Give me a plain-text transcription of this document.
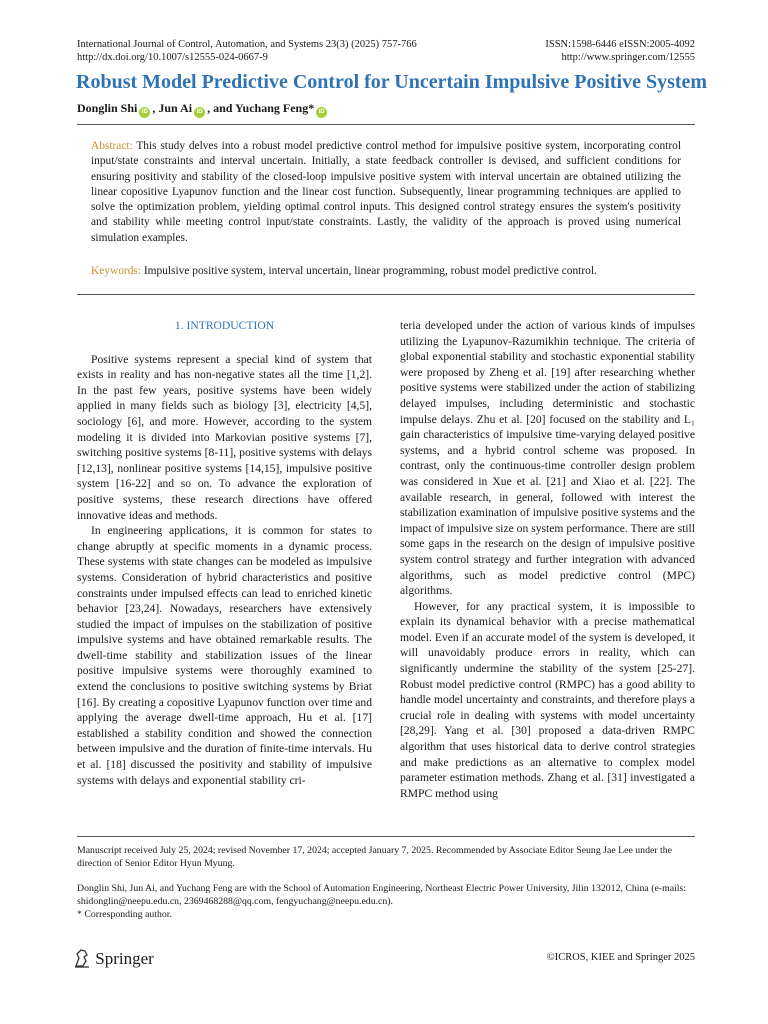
International Journal of Control, Automation, and Systems 23(3) (2025) 757-766
http://dx.doi.org/10.1007/s12555-024-0667-9
ISSN:1598-6446 eISSN:2005-4092
http://www.springer.com/12555
Robust Model Predictive Control for Uncertain Impulsive Positive System
Donglin Shi iD , Jun Ai iD , and Yuchang Feng* iD
Abstract: This study delves into a robust model predictive control method for impulsive positive system, incorporating control input/state constraints and interval uncertain. Initially, a state feedback controller is devised, and sufficient conditions for ensuring positivity and stability of the closed-loop impulsive positive system with interval uncertain are obtained utilizing the linear copositive Lyapunov function and the linear cost function. Subsequently, linear programming techniques are applied to solve the optimization problem, yielding optimal control inputs. This designed control strategy ensures the system's positivity and stability while meeting control input/state constraints. Lastly, the validity of the approach is proved using numerical simulation examples.
Keywords: Impulsive positive system, interval uncertain, linear programming, robust model predictive control.
1. INTRODUCTION

Positive systems represent a special kind of system that exists in reality and has non-negative states all the time [1,2]. In the past few years, positive systems have been widely applied in many fields such as biology [3], electricity [4,5], sociology [6], and more. However, according to the system modeling it is divided into Markovian positive systems [7], switching positive systems [8-11], positive systems with delays [12,13], nonlinear positive systems [14,15], impulsive positive system [16-22] and so on. To advance the exploration of positive systems, these research directions have offered innovative ideas and methods.

In engineering applications, it is common for states to change abruptly at specific moments in a dynamic process. These systems with state changes can be modeled as impulsive systems. Consideration of hybrid characteristics and positive constraints under impulsed effects can lead to enriched kinetic behavior [23,24]. Nowadays, researchers have extensively studied the impact of impulses on the stabilization of positive impulsive systems and have obtained remarkable results. The dwell-time stability and stabilization issues of the linear positive impulsive systems were thoroughly examined to extend the conclusions to positive switching systems by Briat [16]. By creating a copositive Lyapunov function over time and applying the average dwell-time approach, Hu et al. [17] established a stability condition and showed the connection between impulsive and the duration of finite-time intervals. Hu et al. [18] discussed the positivity and stability of impulsive systems with delays and exponential stability cri-

teria developed under the action of various kinds of impulses utilizing the Lyapunov-Razumikhin technique. The criteria of global exponential stability and stochastic exponential stability were proposed by Zheng et al. [19] after researching whether positive systems were stabilized under the action of stabilizing delayed impulses, including deterministic and stochastic impulse delays. Zhu et al. [20] focused on the stability and L₁ gain characteristics of impulsive time-varying delayed positive systems, and a hybrid control scheme was proposed. In contrast, only the continuous-time controller design problem was considered in Xue et al. [21] and Xiao et al. [22]. The available research, in general, followed with interest the stabilization examination of impulsive positive systems and the impact of impulsive size on system performance. There are still some gaps in the research on the design of impulsive positive system control strategy and further integration with advanced algorithms, such as model predictive control (MPC) algorithms.

However, for any practical system, it is impossible to explain its dynamical behavior with a precise mathematical model. Even if an accurate model of the system is developed, it will unavoidably produce errors in reality, which can significantly undermine the stability of the system [25-27]. Robust model predictive control (RMPC) has a good ability to handle model uncertainty and constraints, and therefore plays a crucial role in dealing with systems with model uncertainty [28,29]. Yang et al. [30] proposed a data-driven RMPC algorithm that uses historical data to derive control strategies and make predictions as an alternative to complex model parameter estimation methods. Zhang et al. [31] investigated a RMPC method using

Manuscript received July 25, 2024; revised November 17, 2024; accepted January 7, 2025. Recommended by Associate Editor Seung Jae Lee under the direction of Senior Editor Hyun Myung.
Donglin Shi, Jun Ai, and Yuchang Feng are with the School of Automation Engineering, Northeast Electric Power University, Jilin 132012, China (e-mails: shidonglin@neepu.edu.cn, 2369468288@qq.com, fengyuchang@neepu.edu.cn).
* Corresponding author.
Springer	©ICROS, KIEE and Springer 2025
